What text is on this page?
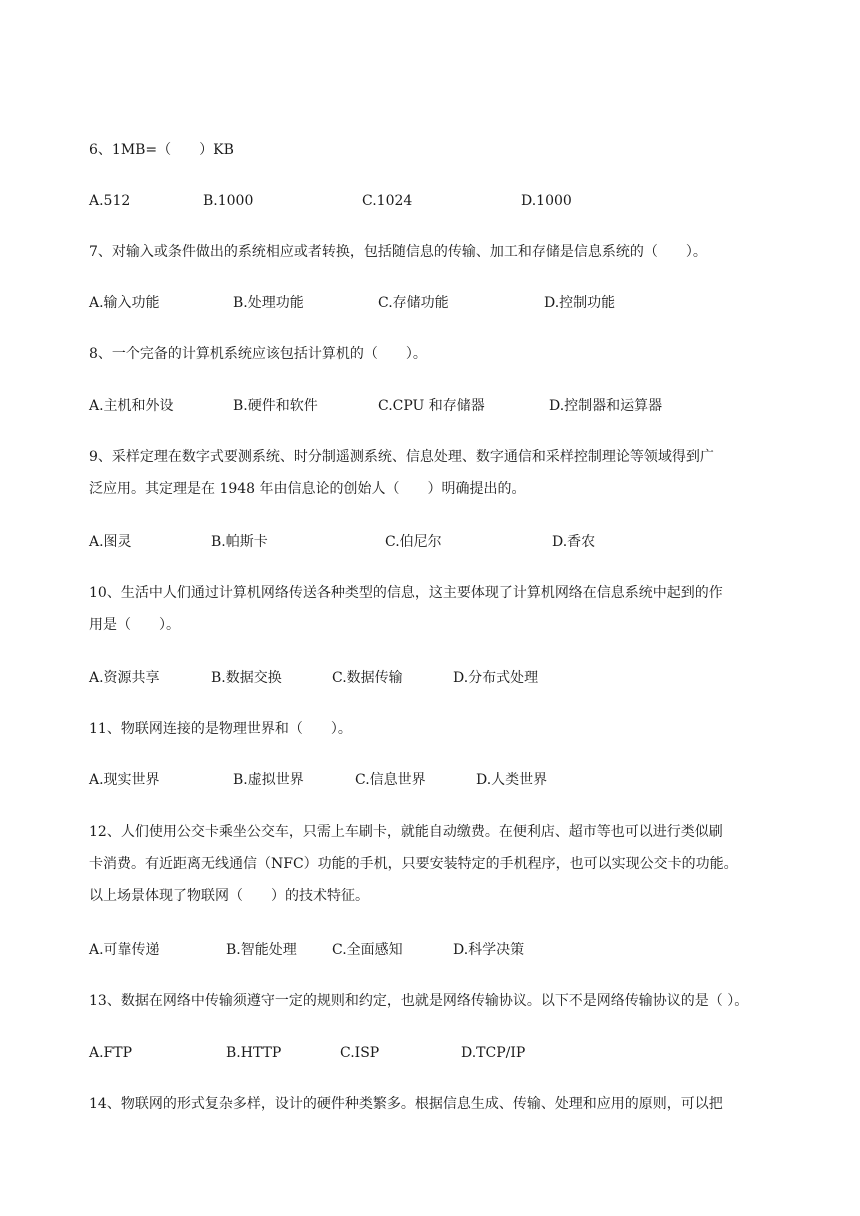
6、1MB=（　　）KB
A.512	B.1000	C.1024	D.1000
7、对输入或条件做出的系统相应或者转换，包括随信息的传输、加工和存储是信息系统的（　　）。
A.输入功能	B.处理功能	C.存储功能	D.控制功能
8、一个完备的计算机系统应该包括计算机的（　　）。
A.主机和外设	B.硬件和软件	C.CPU 和存储器	D.控制器和运算器
9、采样定理在数字式要测系统、时分制遥测系统、信息处理、数字通信和采样控制理论等领域得到广
泛应用。其定理是在 1948 年由信息论的创始人（　　）明确提出的。
A.图灵	B.帕斯卡	C.伯尼尔	D.香农
10、生活中人们通过计算机网络传送各种类型的信息，这主要体现了计算机网络在信息系统中起到的作
用是（　　）。
A.资源共享	B.数据交换	C.数据传输	D.分布式处理
11、物联网连接的是物理世界和（　　）。
A.现实世界	B.虚拟世界	C.信息世界	D.人类世界
12、人们使用公交卡乘坐公交车，只需上车刷卡，就能自动缴费。在便利店、超市等也可以进行类似刷
卡消费。有近距离无线通信（NFC）功能的手机，只要安装特定的手机程序，也可以实现公交卡的功能。
以上场景体现了物联网（　　）的技术特征。
A.可靠传递	B.智能处理	C.全面感知	D.科学决策
13、数据在网络中传输须遵守一定的规则和约定，也就是网络传输协议。以下不是网络传输协议的是（ ）。
A.FTP	B.HTTP	C.ISP	D.TCP/IP
14、物联网的形式复杂多样，设计的硬件种类繁多。根据信息生成、传输、处理和应用的原则，可以把
